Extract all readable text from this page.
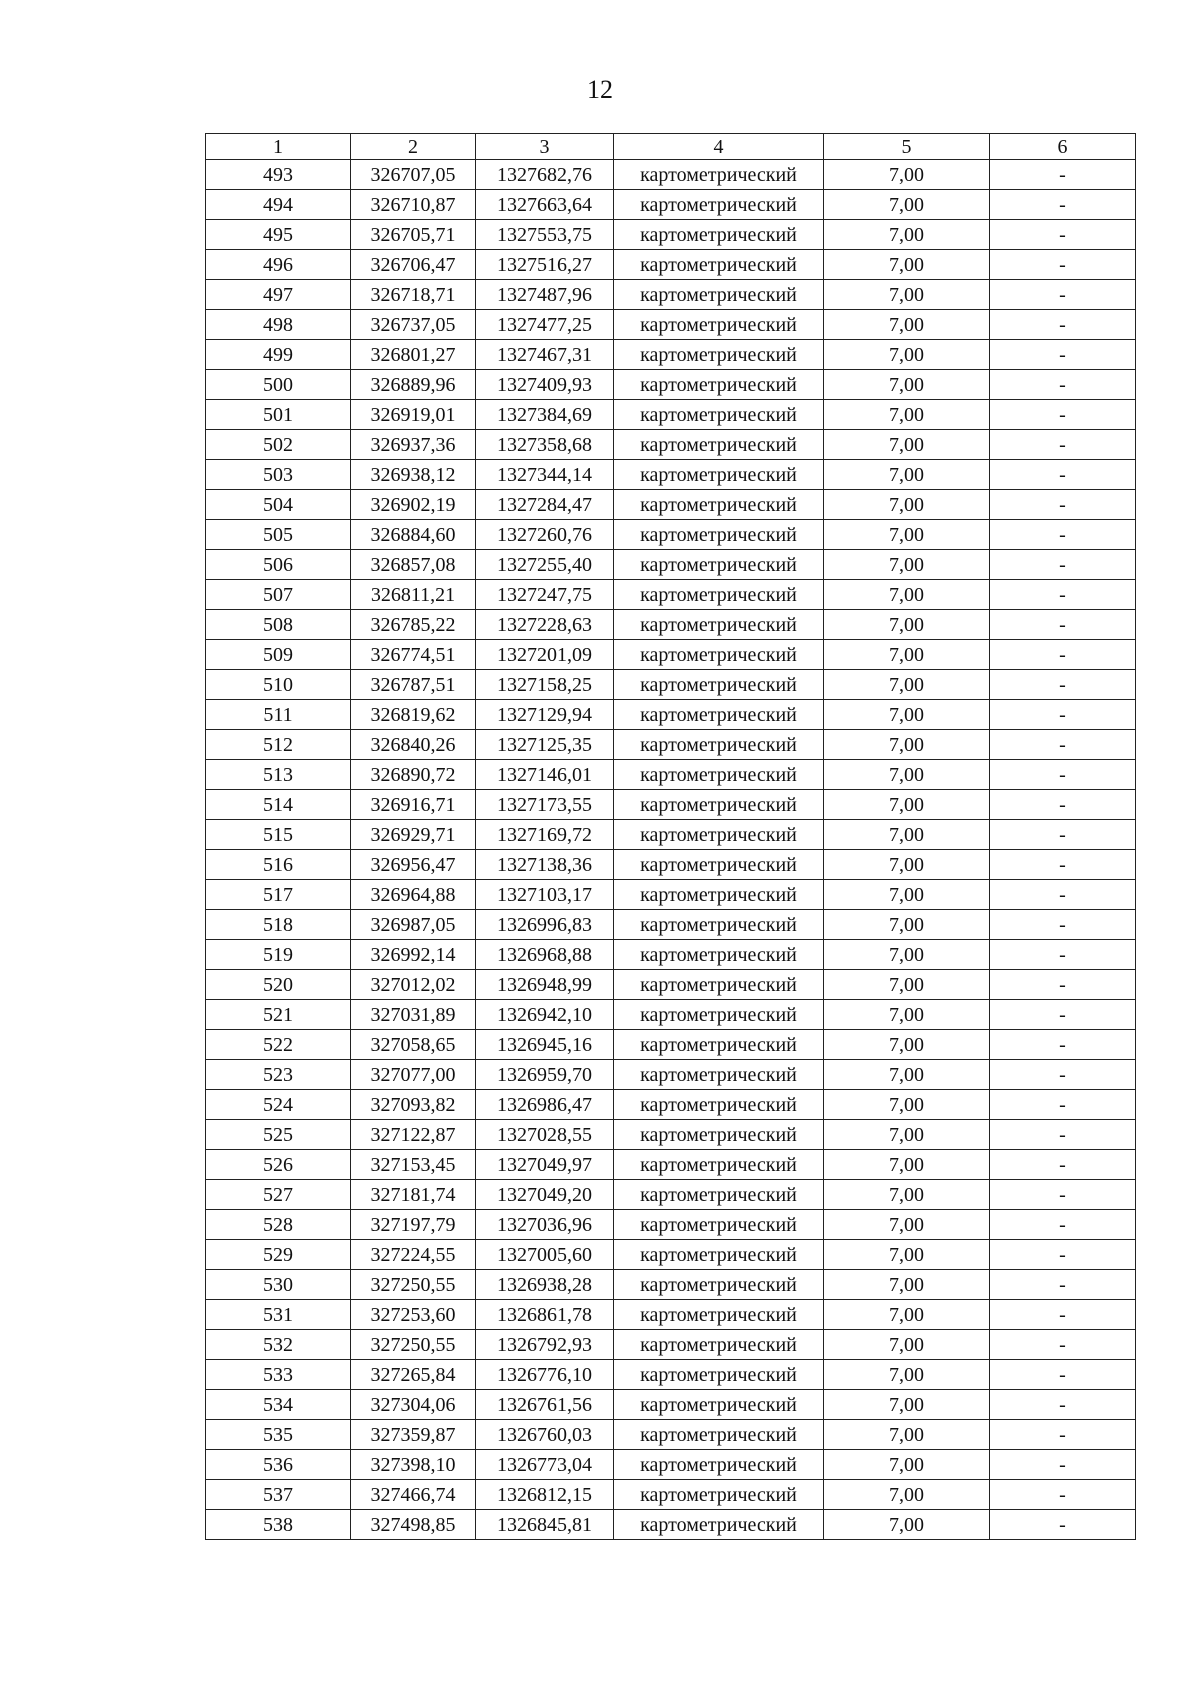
12
1	2	3	4	5	6
493	326707,05	1327682,76	картометрический	7,00	-
494	326710,87	1327663,64	картометрический	7,00	-
495	326705,71	1327553,75	картометрический	7,00	-
496	326706,47	1327516,27	картометрический	7,00	-
497	326718,71	1327487,96	картометрический	7,00	-
498	326737,05	1327477,25	картометрический	7,00	-
499	326801,27	1327467,31	картометрический	7,00	-
500	326889,96	1327409,93	картометрический	7,00	-
501	326919,01	1327384,69	картометрический	7,00	-
502	326937,36	1327358,68	картометрический	7,00	-
503	326938,12	1327344,14	картометрический	7,00	-
504	326902,19	1327284,47	картометрический	7,00	-
505	326884,60	1327260,76	картометрический	7,00	-
506	326857,08	1327255,40	картометрический	7,00	-
507	326811,21	1327247,75	картометрический	7,00	-
508	326785,22	1327228,63	картометрический	7,00	-
509	326774,51	1327201,09	картометрический	7,00	-
510	326787,51	1327158,25	картометрический	7,00	-
511	326819,62	1327129,94	картометрический	7,00	-
512	326840,26	1327125,35	картометрический	7,00	-
513	326890,72	1327146,01	картометрический	7,00	-
514	326916,71	1327173,55	картометрический	7,00	-
515	326929,71	1327169,72	картометрический	7,00	-
516	326956,47	1327138,36	картометрический	7,00	-
517	326964,88	1327103,17	картометрический	7,00	-
518	326987,05	1326996,83	картометрический	7,00	-
519	326992,14	1326968,88	картометрический	7,00	-
520	327012,02	1326948,99	картометрический	7,00	-
521	327031,89	1326942,10	картометрический	7,00	-
522	327058,65	1326945,16	картометрический	7,00	-
523	327077,00	1326959,70	картометрический	7,00	-
524	327093,82	1326986,47	картометрический	7,00	-
525	327122,87	1327028,55	картометрический	7,00	-
526	327153,45	1327049,97	картометрический	7,00	-
527	327181,74	1327049,20	картометрический	7,00	-
528	327197,79	1327036,96	картометрический	7,00	-
529	327224,55	1327005,60	картометрический	7,00	-
530	327250,55	1326938,28	картометрический	7,00	-
531	327253,60	1326861,78	картометрический	7,00	-
532	327250,55	1326792,93	картометрический	7,00	-
533	327265,84	1326776,10	картометрический	7,00	-
534	327304,06	1326761,56	картометрический	7,00	-
535	327359,87	1326760,03	картометрический	7,00	-
536	327398,10	1326773,04	картометрический	7,00	-
537	327466,74	1326812,15	картометрический	7,00	-
538	327498,85	1326845,81	картометрический	7,00	-
